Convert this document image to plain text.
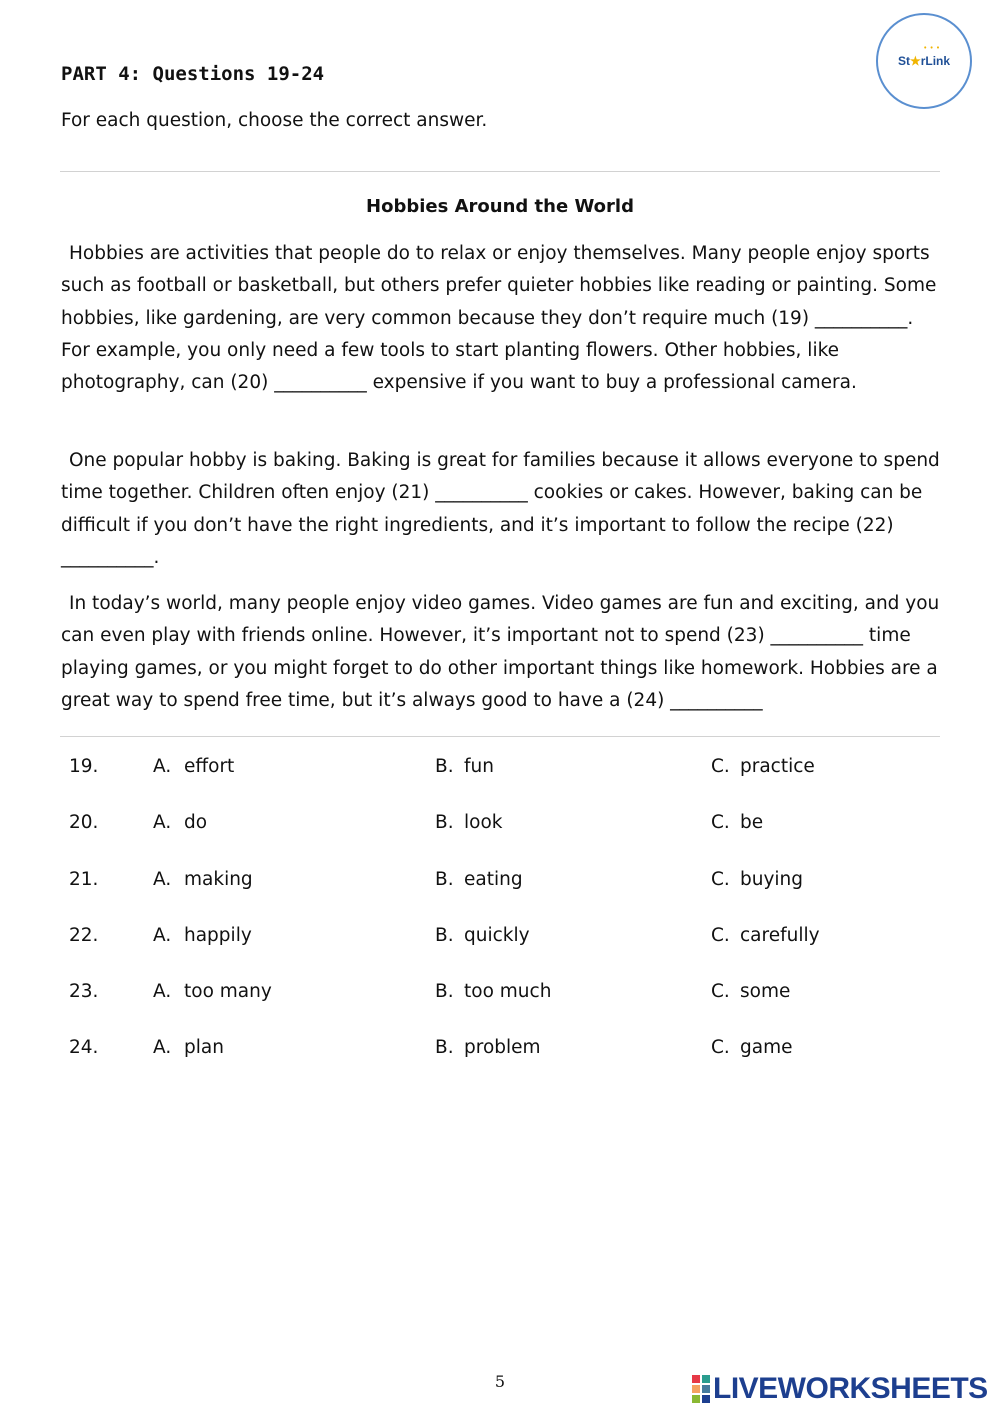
• • •
St★rLink
PART 4: Questions 19-24
For each question, choose the correct answer.
Hobbies Around the World

Hobbies are activities that people do to relax or enjoy themselves. Many people enjoy sports such as football or basketball, but others prefer quieter hobbies like reading or painting. Some hobbies, like gardening, are very common because they don’t require much (19) __________. For example, you only need a few tools to start planting flowers. Other hobbies, like photography, can (20) __________ expensive if you want to buy a professional camera.

One popular hobby is baking. Baking is great for families because it allows everyone to spend time together. Children often enjoy (21) __________ cookies or cakes. However, baking can be difficult if you don’t have the right ingredients, and it’s important to follow the recipe (22) __________.

In today’s world, many people enjoy video games. Video games are fun and exciting, and you can even play with friends online. However, it’s important not to spend (23) __________ time playing games, or you might forget to do other important things like homework. Hobbies are a great way to spend free time, but it’s always good to have a (24) __________

19.	A. effort	B. fun	C. practice
20.	A. do	B. look	C. be
21.	A. making	B. eating	C. buying
22.	A. happily	B. quickly	C. carefully
23.	A. too many	B. too much	C. some
24.	A. plan	B. problem	C. game
5	LIVEWORKSHEETS
